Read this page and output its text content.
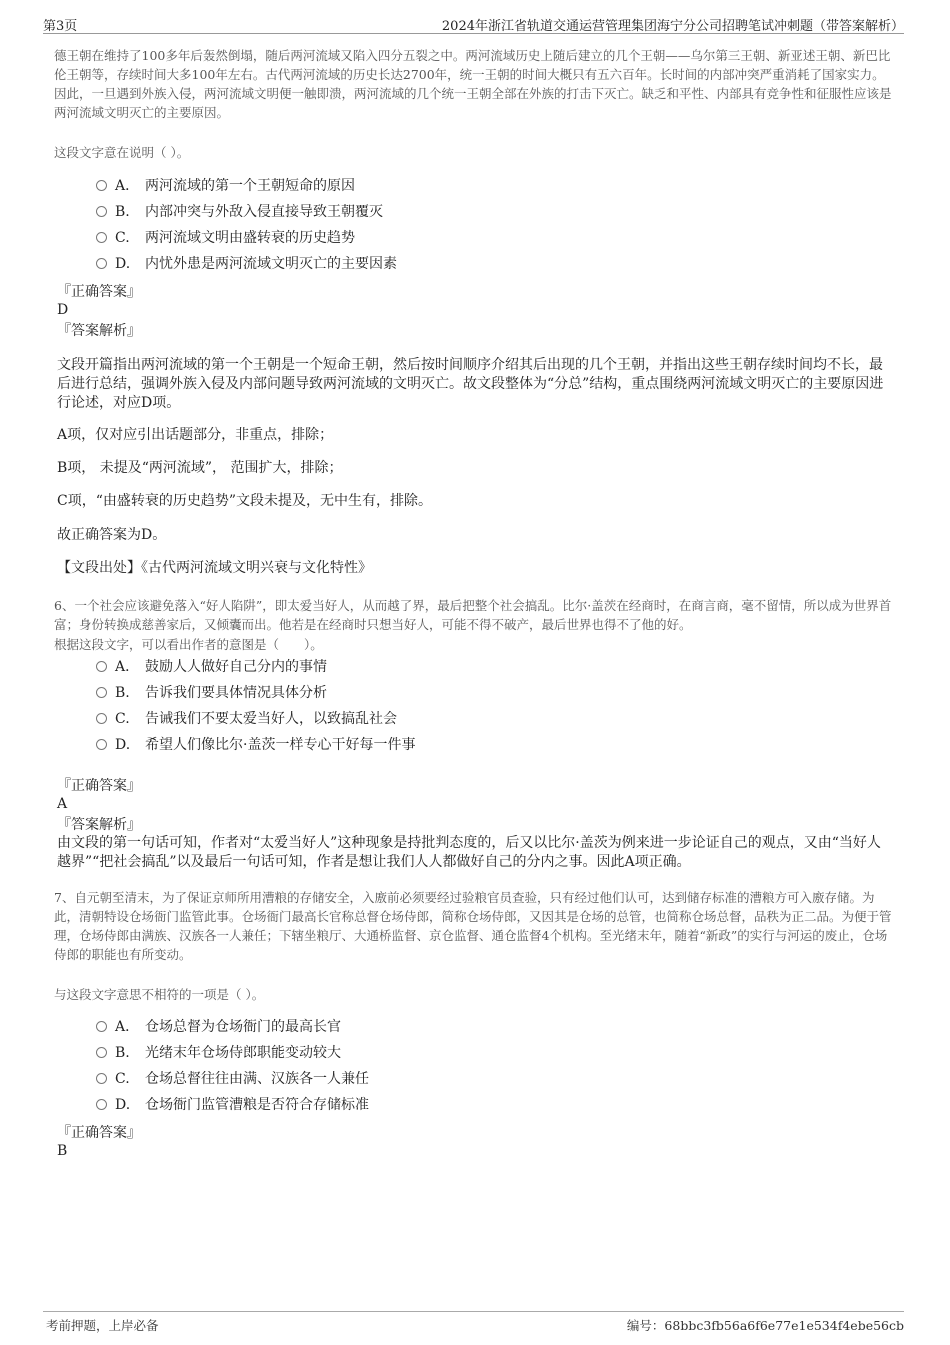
第3页	2024年浙江省轨道交通运营管理集团海宁分公司招聘笔试冲刺题（带答案解析）
德王朝在维持了100多年后轰然倒塌，随后两河流域又陷入四分五裂之中。两河流域历史上随后建立的几个王朝——乌尔第三王朝、新亚述王朝、新巴比伦王朝等，存续时间大多100年左右。古代两河流域的历史长达2700年，统一王朝的时间大概只有五六百年。长时间的内部冲突严重消耗了国家实力。因此，一旦遇到外族入侵，两河流域文明便一触即溃，两河流域的几个统一王朝全部在外族的打击下灭亡。缺乏和平性、内部具有竞争性和征服性应该是两河流域文明灭亡的主要原因。
这段文字意在说明（ ）。
A． 两河流域的第一个王朝短命的原因
B. 内部冲突与外敌入侵直接导致王朝覆灭
C. 两河流域文明由盛转衰的历史趋势
D. 内忧外患是两河流域文明灭亡的主要因素
『正确答案』
D
『答案解析』
文段开篇指出两河流域的第一个王朝是一个短命王朝，然后按时间顺序介绍其后出现的几个王朝，并指出这些王朝存续时间均不长，最后进行总结，强调外族入侵及内部问题导致两河流域的文明灭亡。故文段整体为“分总”结构，重点围绕两河流域文明灭亡的主要原因进行论述，对应D项。
A项，仅对应引出话题部分，非重点，排除；
B项， 未提及“两河流域”， 范围扩大，排除；
C项，“由盛转衰的历史趋势”文段未提及，无中生有，排除。
故正确答案为D。
【文段出处】《古代两河流域文明兴衰与文化特性》
6、一个社会应该避免落入“好人陷阱”，即太爱当好人，从而越了界，最后把整个社会搞乱。比尔·盖茨在经商时，在商言商，毫不留情，所以成为世界首富；身份转换成慈善家后，又倾囊而出。他若是在经商时只想当好人，可能不得不破产，最后世界也得不了他的好。
根据这段文字，可以看出作者的意图是（　　）。
A． 鼓励人人做好自己分内的事情
B. 告诉我们要具体情况具体分析
C. 告诫我们不要太爱当好人，以致搞乱社会
D. 希望人们像比尔·盖茨一样专心干好每一件事
『正确答案』
A
『答案解析』
由文段的第一句话可知，作者对“太爱当好人”这种现象是持批判态度的，后又以比尔·盖茨为例来进一步论证自己的观点，又由“当好人越界”“把社会搞乱”以及最后一句话可知，作者是想让我们人人都做好自己的分内之事。因此A项正确。
7、自元朝至清末，为了保证京师所用漕粮的存储安全，入廒前必须要经过验粮官员查验，只有经过他们认可，达到储存标准的漕粮方可入廒存储。为此，清朝特设仓场衙门监管此事。仓场衙门最高长官称总督仓场侍郎，简称仓场侍郎，又因其是仓场的总管，也简称仓场总督，品秩为正二品。为便于管理，仓场侍郎由满族、汉族各一人兼任；下辖坐粮厅、大通桥监督、京仓监督、通仓监督4个机构。至光绪末年，随着“新政”的实行与河运的废止，仓场侍郎的职能也有所变动。
与这段文字意思不相符的一项是（ ）。
A． 仓场总督为仓场衙门的最高长官
B. 光绪末年仓场侍郎职能变动较大
C. 仓场总督往往由满、汉族各一人兼任
D. 仓场衙门监管漕粮是否符合存储标准
『正确答案』
B
考前押题，上岸必备	编号：68bbc3fb56a6f6e77e1e534f4ebe56cb
